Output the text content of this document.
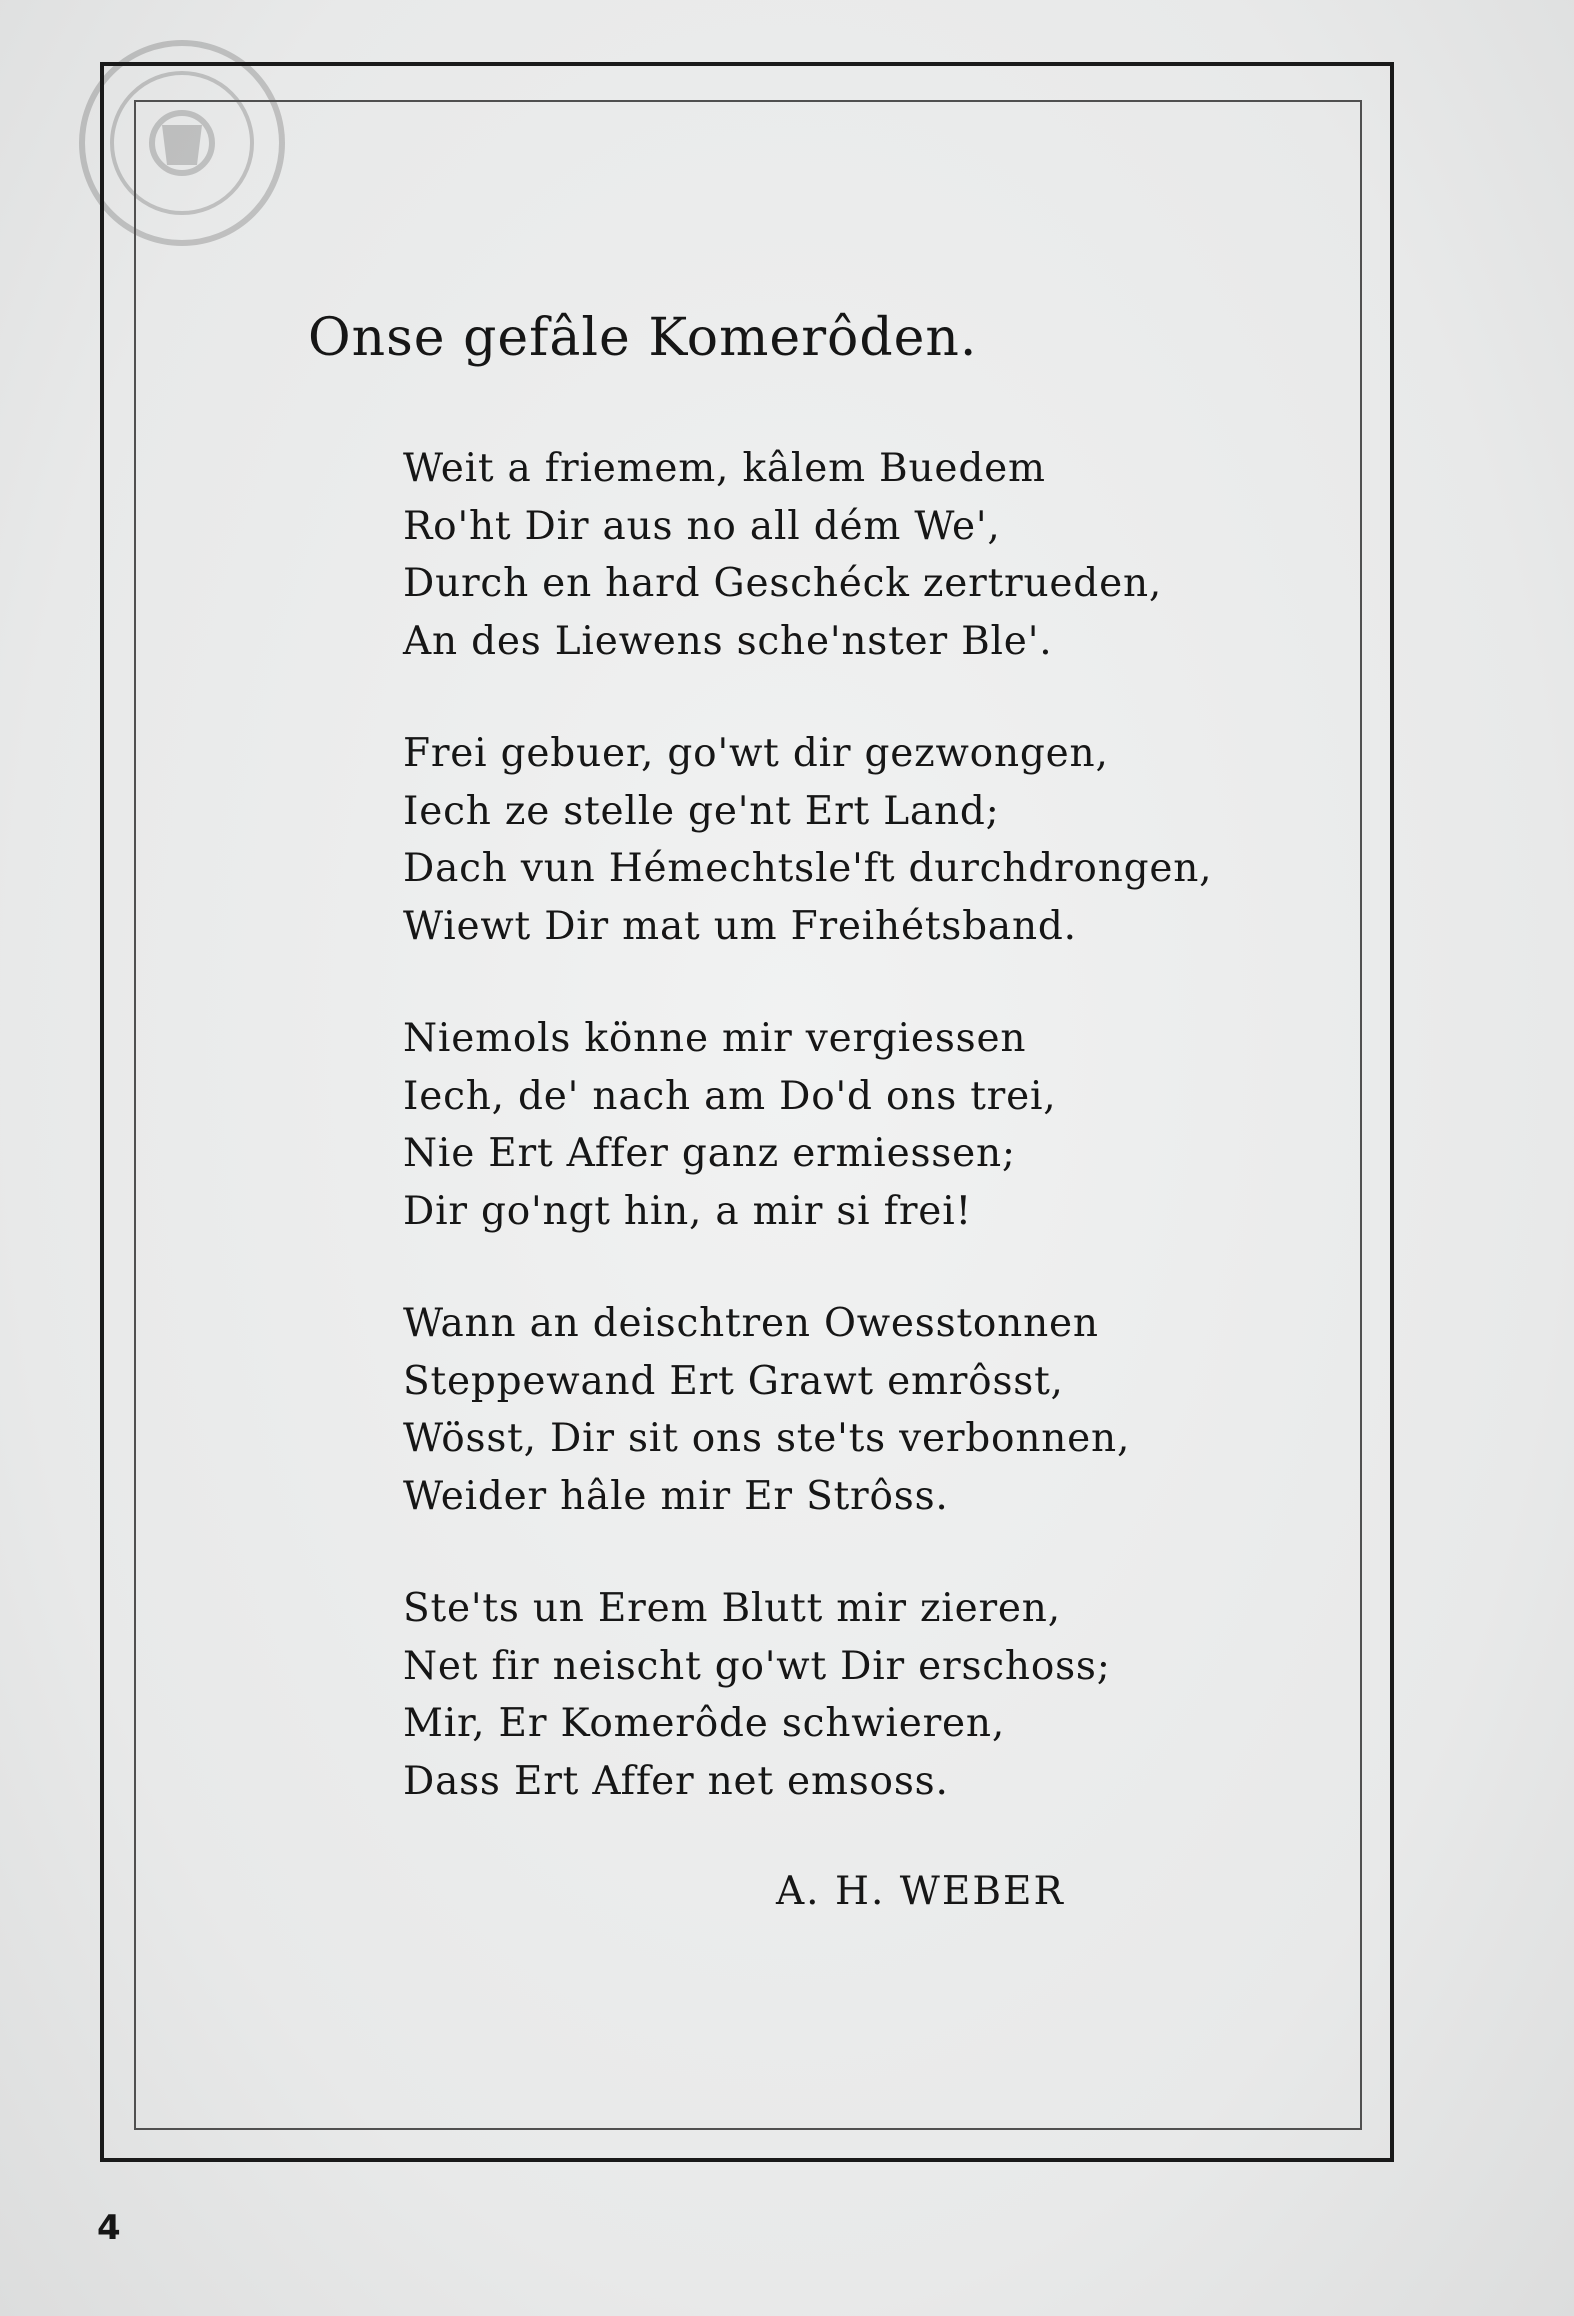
Onse gefâle Komerôden.
Weit a friemem, kâlem Buedem
Ro'ht Dir aus no all dém We',
Durch en hard Geschéck zertrueden,
An des Liewens sche'nster Ble'.
Frei gebuer, go'wt dir gezwongen,
Iech ze stelle ge'nt Ert Land;
Dach vun Hémechtsle'ft durchdrongen,
Wiewt Dir mat um Freihétsband.
Niemols könne mir vergiessen
Iech, de' nach am Do'd ons trei,
Nie Ert Affer ganz ermiessen;
Dir go'ngt hin, a mir si frei!
Wann an deischtren Owesstonnen
Steppewand Ert Grawt emrôsst,
Wösst, Dir sit ons ste'ts verbonnen,
Weider hâle mir Er Strôss.
Ste'ts un Erem Blutt mir zieren,
Net fir neischt go'wt Dir erschoss;
Mir, Er Komerôde schwieren,
Dass Ert Affer net emsoss.
A. H. WEBER
4
